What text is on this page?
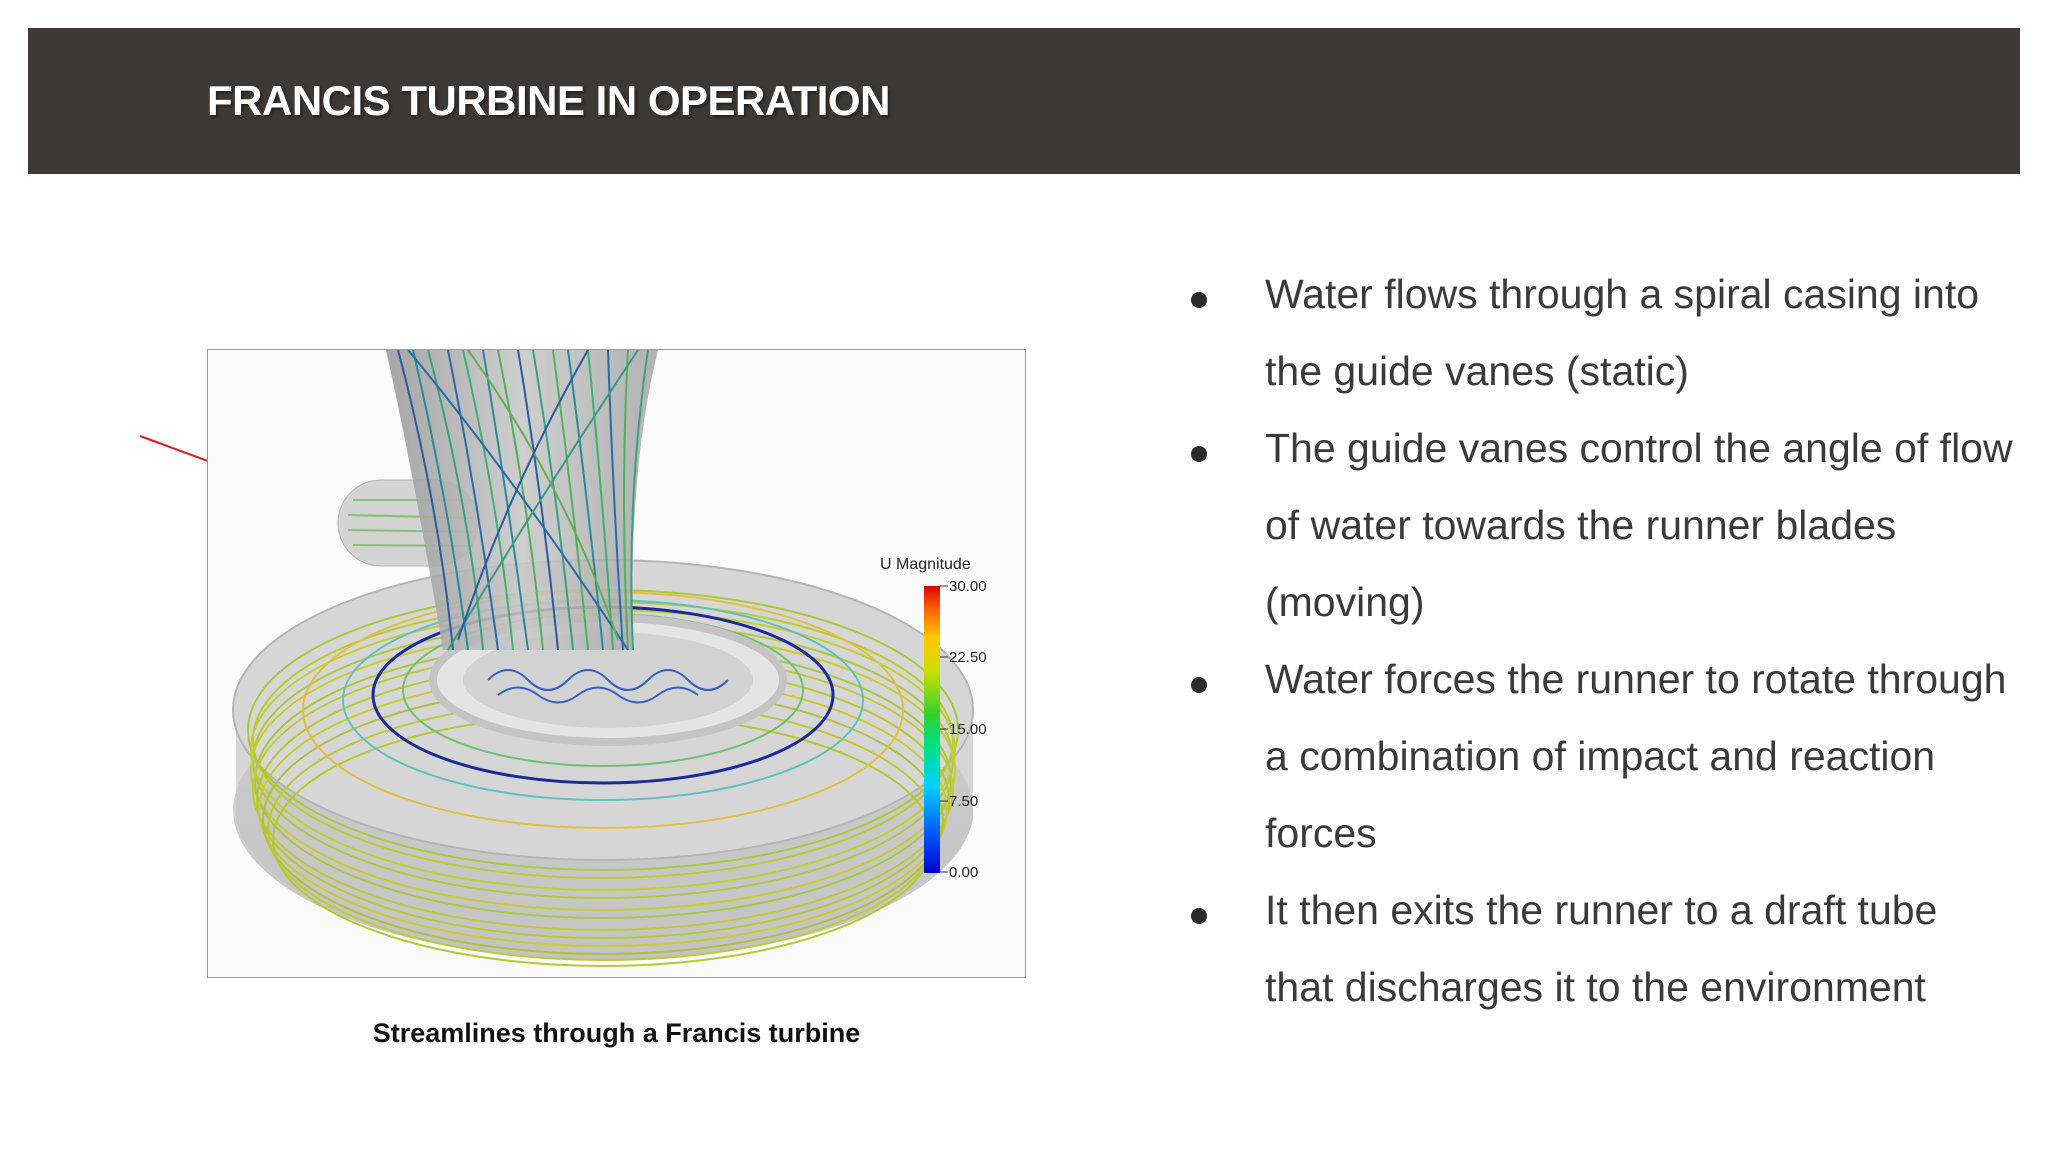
FRANCIS TURBINE IN OPERATION
U Magnitude
30.00
22.50
15.00
7.50
0.00
Streamlines through a Francis turbine
Water flows through a spiral casing into the guide vanes (static)
The guide vanes control the angle of flow of water towards the runner blades (moving)
Water forces the runner to rotate through a combination of impact and reaction forces
It then exits the runner to a draft tube that discharges it to the environment
